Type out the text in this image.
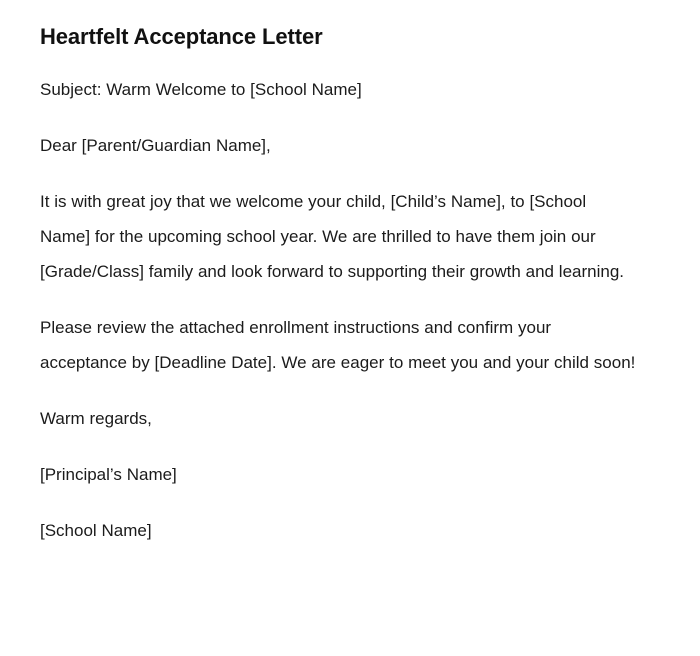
Heartfelt Acceptance Letter

Subject: Warm Welcome to [School Name]

Dear [Parent/Guardian Name],

It is with great joy that we welcome your child, [Child’s Name], to [School Name] for the upcoming school year. We are thrilled to have them join our [Grade/Class] family and look forward to supporting their growth and learning.

Please review the attached enrollment instructions and confirm your acceptance by [Deadline Date]. We are eager to meet you and your child soon!

Warm regards,

[Principal’s Name]

[School Name]
